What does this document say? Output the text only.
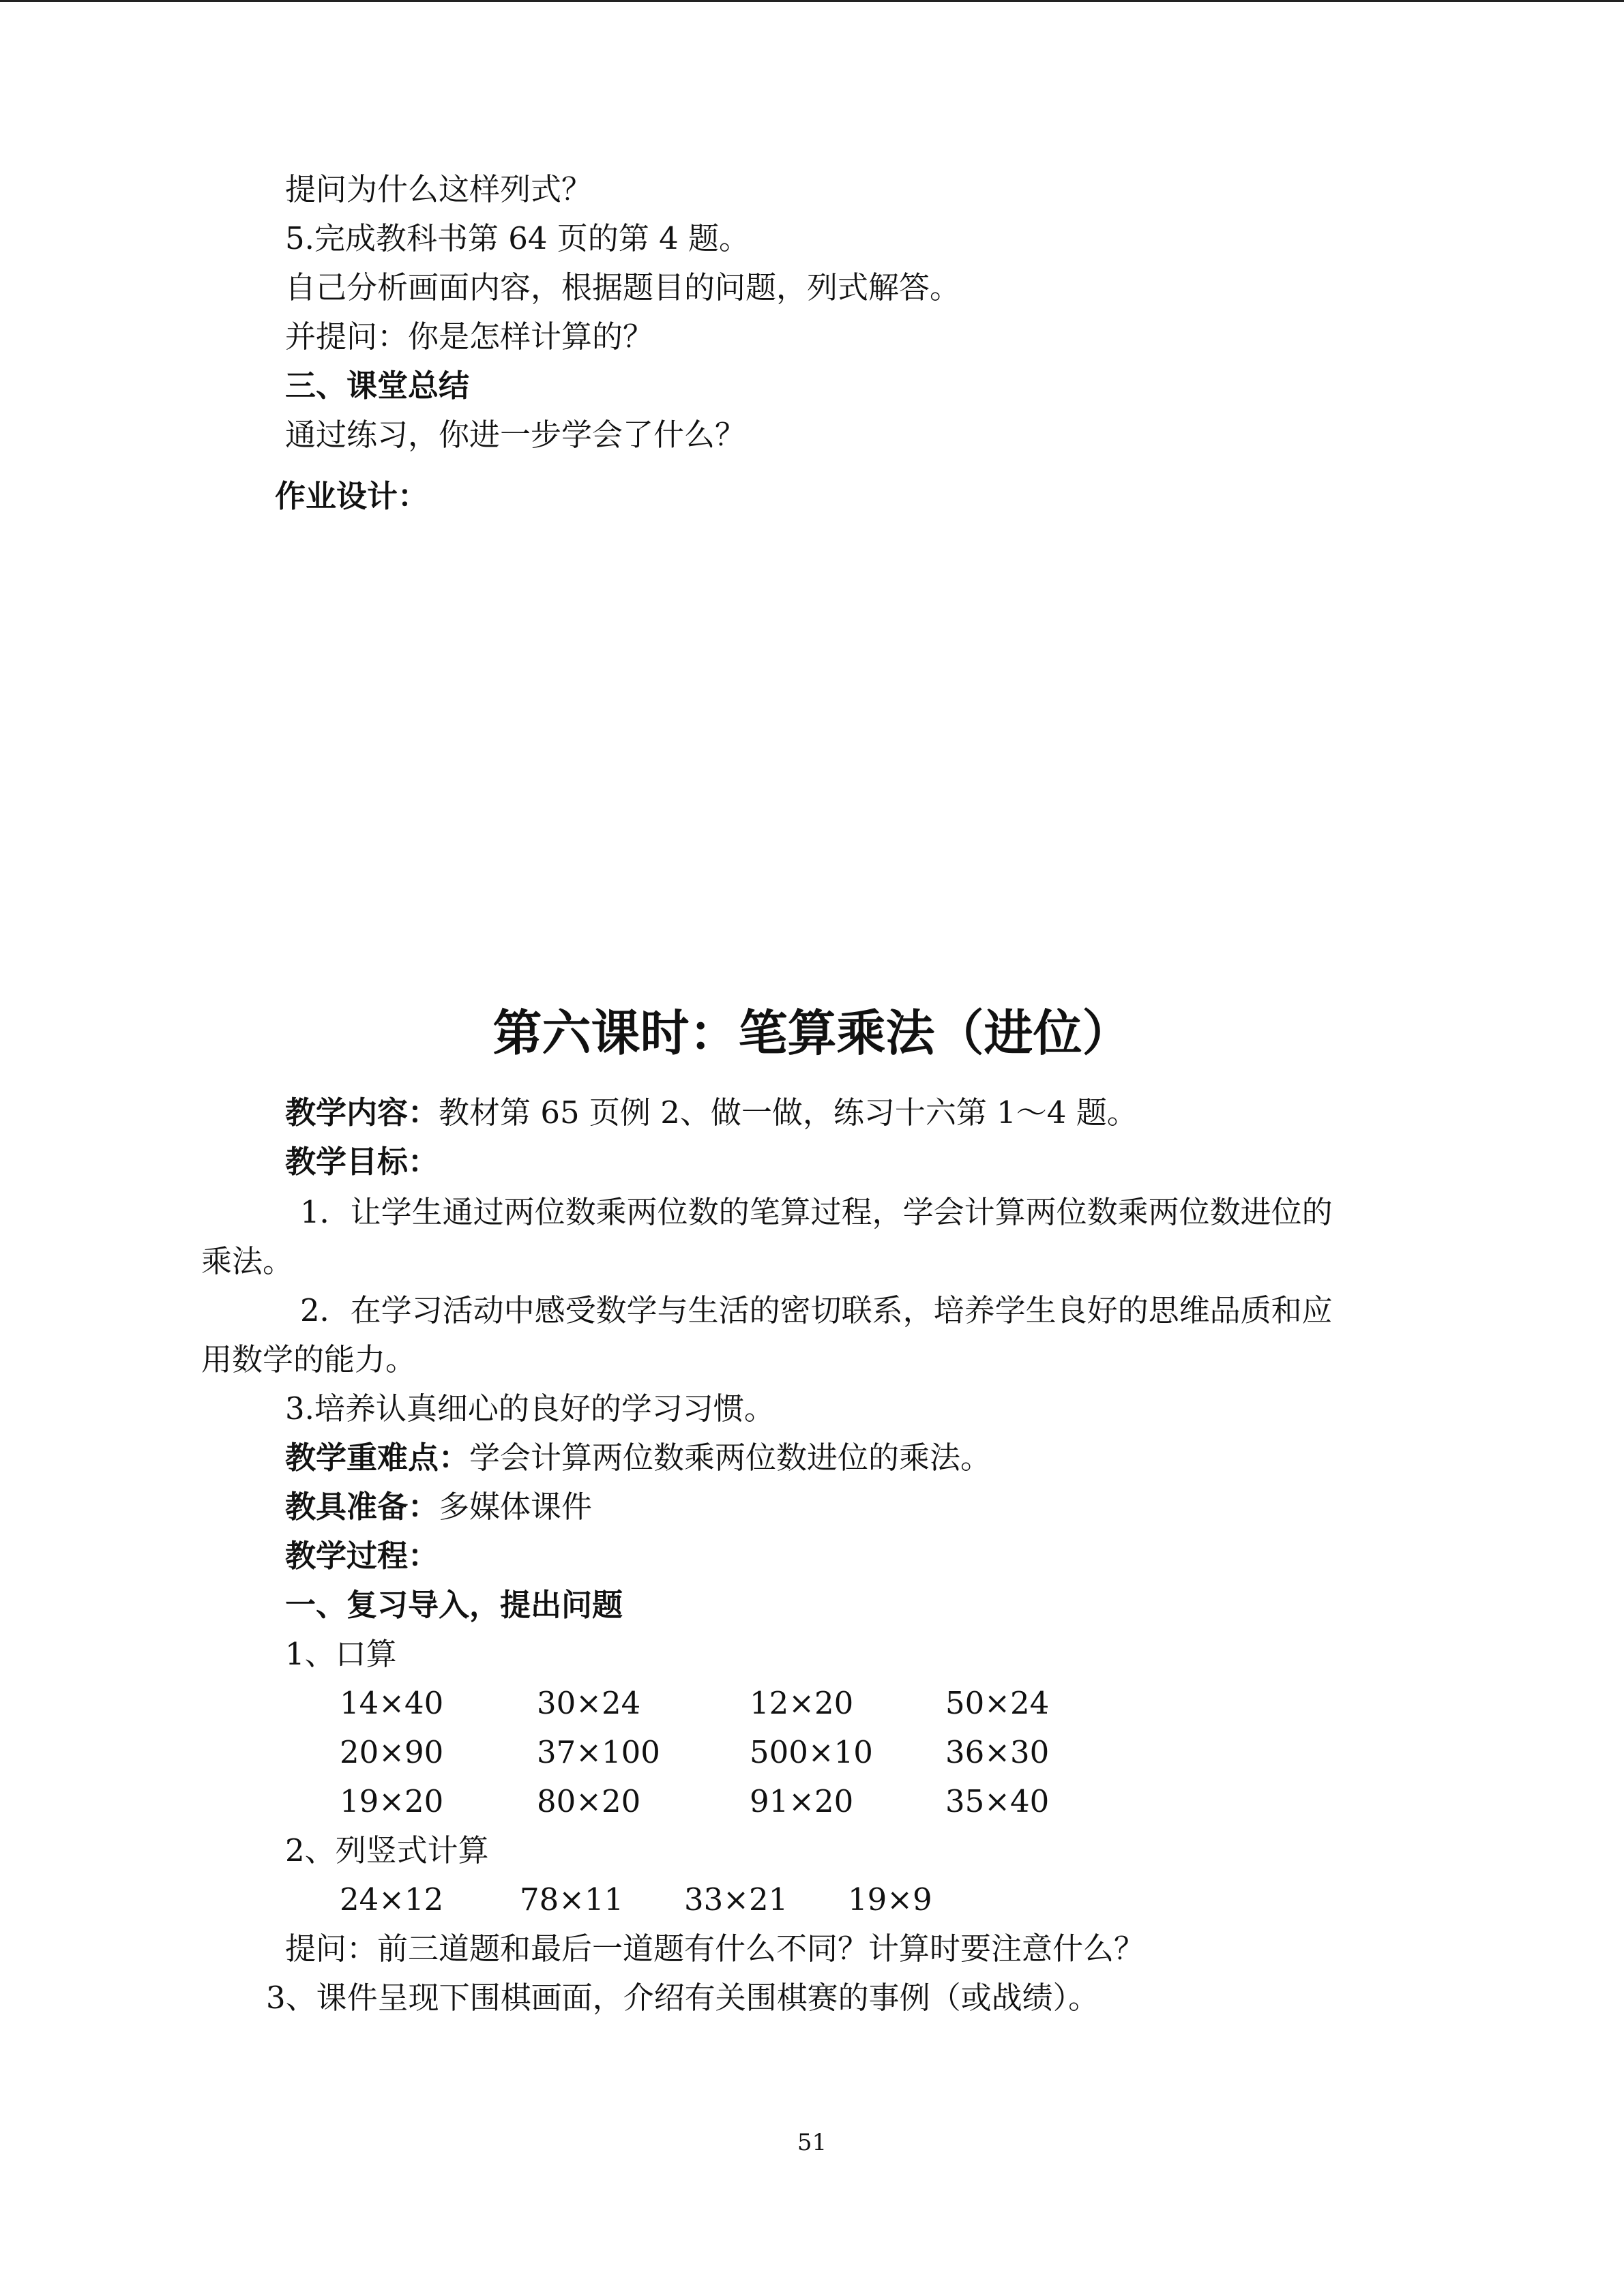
提问为什么这样列式？
5.完成教科书第 64 页的第 4 题。
自己分析画面内容，根据题目的问题，列式解答。
并提问：你是怎样计算的？
三、课堂总结
通过练习，你进一步学会了什么？
作业设计：
第六课时：笔算乘法（进位）
教学内容：教材第 65 页例 2、做一做，练习十六第 1～4 题。
教学目标：
1．让学生通过两位数乘两位数的笔算过程，学会计算两位数乘两位数进位的
乘法。
2．在学习活动中感受数学与生活的密切联系，培养学生良好的思维品质和应
用数学的能力。
3.培养认真细心的良好的学习习惯。
教学重难点：学会计算两位数乘两位数进位的乘法。
教具准备：多媒体课件
教学过程：
一、复习导入，提出问题
1、口算
14×40	30×24	12×20	50×24
20×90	37×100	500×10 36×30
19×20	80×20	91×20	35×40
2、列竖式计算
24×12 78×11 33×21 19×9
提问：前三道题和最后一道题有什么不同？计算时要注意什么？
3、课件呈现下围棋画面，介绍有关围棋赛的事例（或战绩）。
51
